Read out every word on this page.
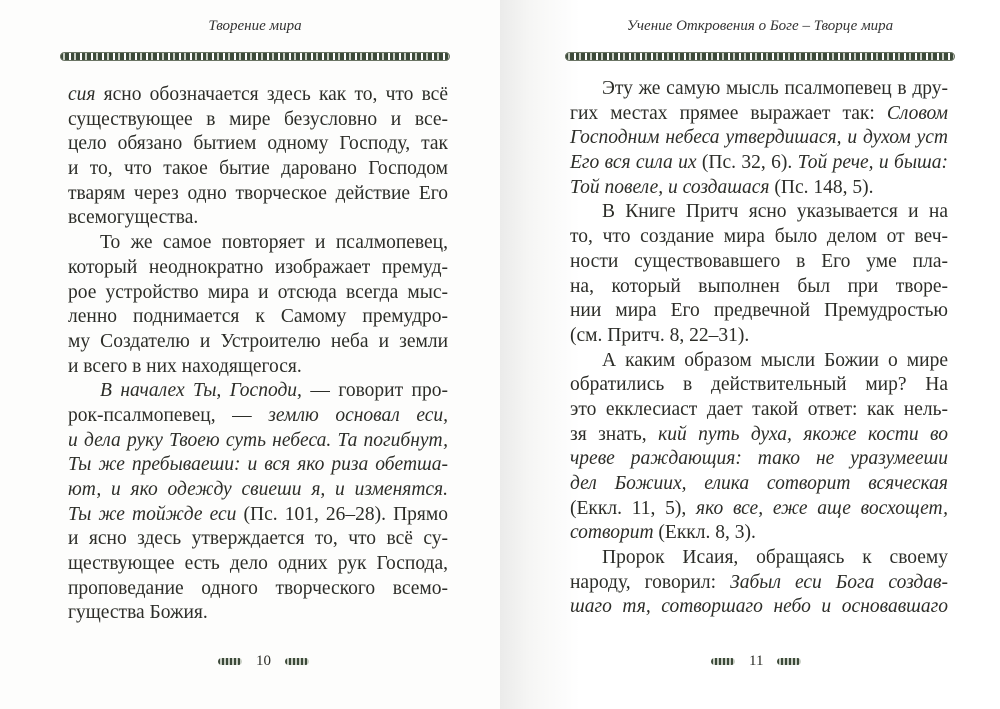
Творение мира
сия ясно обозначается здесь как то, что всё
существующее в мире безусловно и все-
цело обязано бытием одному Господу, так
и то, что такое бытие даровано Господом
тварям через одно творческое действие Его
всемогущества.
То же самое повторяет и псалмопевец,
который неоднократно изображает премуд-
рое устройство мира и отсюда всегда мыс-
ленно поднимается к Самому премудро-
му Создателю и Устроителю неба и земли
и всего в них находящегося.
В началех Ты, Господи, — говорит про-
рок-псалмопевец, — землю основал еси,
и дела руку Твоею суть небеса. Та погибнут,
Ты же пребываеши: и вся яко риза обетша-
ют, и яко одежду свиеши я, и изменятся.
Ты же тойжде еси (Пс. 101, 26–28). Прямо
и ясно здесь утверждается то, что всё су-
ществующее есть дело одних рук Господа,
проповедание одного творческого всемо-
гущества Божия.
10
Учение Откровения о Боге – Творце мира
Эту же самую мысль псалмопевец в дру-
гих местах прямее выражает так: Словом
Господним небеса утвердишася, и духом уст
Его вся сила их (Пс. 32, 6). Той рече, и быша:
Той повеле, и создашася (Пс. 148, 5).
В Книге Притч ясно указывается и на
то, что создание мира было делом от веч-
ности существовавшего в Его уме пла-
на, который выполнен был при творе-
нии мира Его предвечной Премудростью
(см. Притч. 8, 22–31).
А каким образом мысли Божии о мире
обратились в действительный мир? На
это екклесиаст дает такой ответ: как нель-
зя знать, кий путь духа, якоже кости во
чреве раждающия: тако не уразумееши
дел Божиих, елика сотворит всяческая
(Еккл. 11, 5), яко все, еже аще восхощет,
сотворит (Еккл. 8, 3).
Пророк Исаия, обращаясь к своему
народу, говорил: Забыл еси Бога создав-
шаго тя, сотворшаго небо и основавшаго
11
